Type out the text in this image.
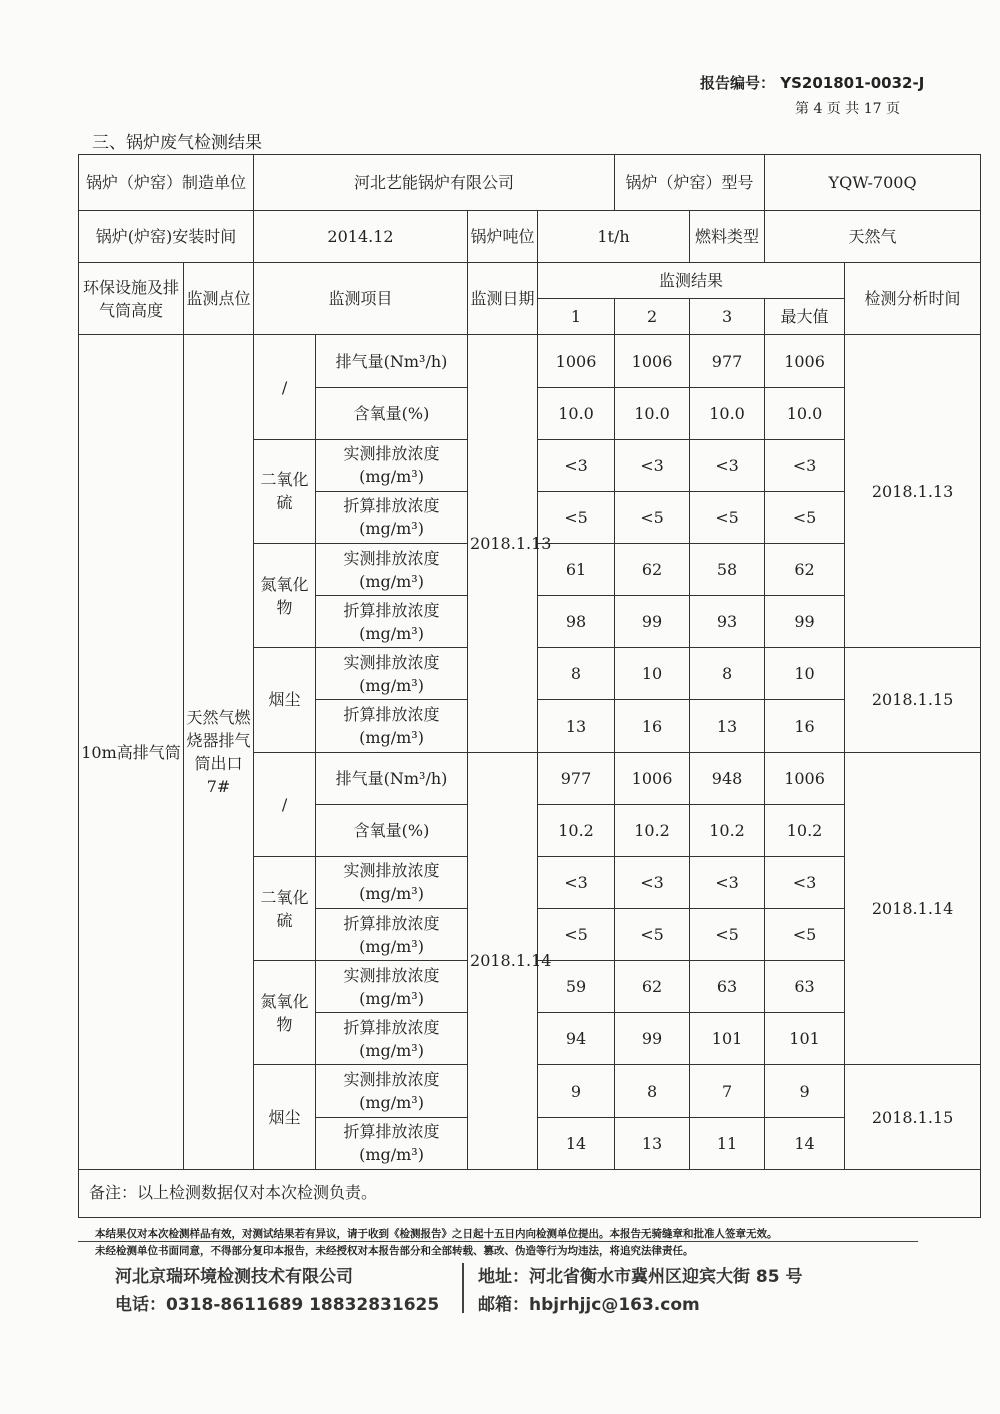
报告编号： YS201801-0032-J
第 4 页 共 17 页
三、锅炉废气检测结果
锅炉（炉窑）制造单位		河北艺能锅炉有限公司				锅炉（炉窑）型号		YQW-700Q	
锅炉(炉窑)安装时间		2014.12		锅炉吨位	1t/h		燃料类型	天然气	
环保设施及排气筒高度	监测点位	监测项目		监测日期	监测结果				检测分析时间
					1	2	3	最大值	
10m高排气筒	天然气燃烧器排气筒出口 7#	/	排气量(Nm³/h)	2018.1.13	1006	1006	977	1006	2018.1.13
			含氧量(%)		10.0	10.0	10.0	10.0	
		二氧化硫	实测排放浓度(mg/m³)		<3	<3	<3	<3	
			折算排放浓度(mg/m³)		<5	<5	<5	<5	
		氮氧化物	实测排放浓度(mg/m³)		61	62	58	62	
			折算排放浓度(mg/m³)		98	99	93	99	
		烟尘	实测排放浓度(mg/m³)		8	10	8	10	2018.1.15
			折算排放浓度(mg/m³)		13	16	13	16	
		/	排气量(Nm³/h)	2018.1.14	977	1006	948	1006	2018.1.14
			含氧量(%)		10.2	10.2	10.2	10.2	
		二氧化硫	实测排放浓度(mg/m³)		<3	<3	<3	<3	
			折算排放浓度(mg/m³)		<5	<5	<5	<5	
		氮氧化物	实测排放浓度(mg/m³)		59	62	63	63	
			折算排放浓度(mg/m³)		94	99	101	101	
		烟尘	实测排放浓度(mg/m³)		9	8	7	9	2018.1.15
			折算排放浓度(mg/m³)		14	13	11	14	
备注：以上检测数据仅对本次检测负责。									
本结果仅对本次检测样品有效，对测试结果若有异议，请于收到《检测报告》之日起十五日内向检测单位提出。本报告无骑缝章和批准人签章无效。
未经检测单位书面同意，不得部分复印本报告，未经授权对本报告部分和全部转载、篡改、伪造等行为均违法，将追究法律责任。
河北京瑞环境检测技术有限公司	地址：河北省衡水市冀州区迎宾大街 85 号
电话：0318-8611689 18832831625 邮箱：hbjrhjjc@163.com
